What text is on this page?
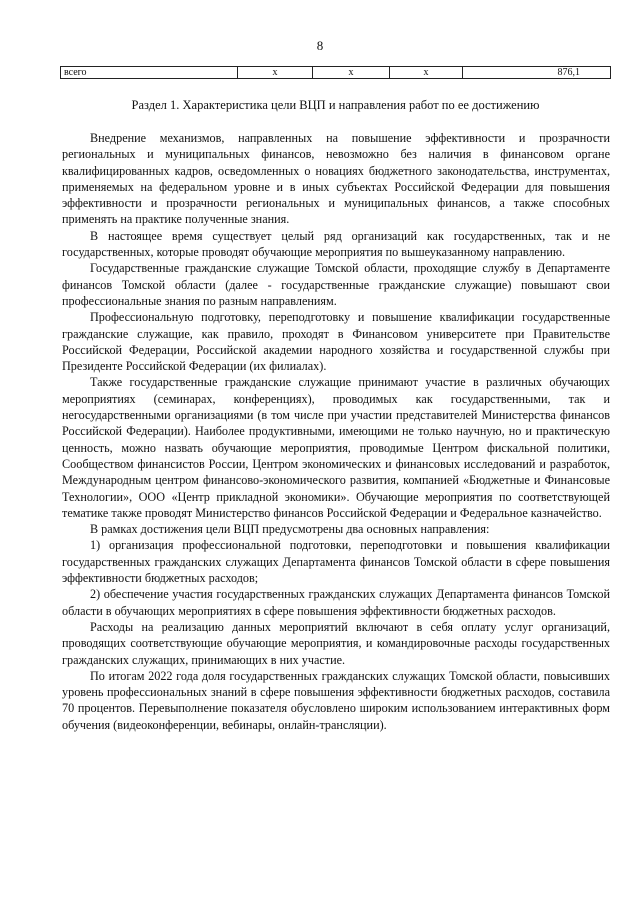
8
всего	х	х	х	876,1
Раздел 1. Характеристика цели ВЦП и направления работ по ее достижению

Внедрение механизмов, направленных на повышение эффективности и прозрачности региональных и муниципальных финансов, невозможно без наличия в финансовом органе квалифицированных кадров, осведомленных о новациях бюджетного законодательства, инструментах, применяемых на федеральном уровне и в иных субъектах Российской Федерации для повышения эффективности и прозрачности региональных и муниципальных финансов, а также способных применять на практике полученные знания.

В настоящее время существует целый ряд организаций как государственных, так и не государственных, которые проводят обучающие мероприятия по вышеуказанному направлению.

Государственные гражданские служащие Томской области, проходящие службу в Департаменте финансов Томской области (далее - государственные гражданские служащие) повышают свои профессиональные знания по разным направлениям.

Профессиональную подготовку, переподготовку и повышение квалификации государственные гражданские служащие, как правило, проходят в Финансовом университете при Правительстве Российской Федерации, Российской академии народного хозяйства и государственной службы при Президенте Российской Федерации (их филиалах).

Также государственные гражданские служащие принимают участие в различных обучающих мероприятиях (семинарах, конференциях), проводимых как государственными, так и негосударственными организациями (в том числе при участии представителей Министерства финансов Российской Федерации). Наиболее продуктивными, имеющими не только научную, но и практическую ценность, можно назвать обучающие мероприятия, проводимые Центром фискальной политики, Сообществом финансистов России, Центром экономических и финансовых исследований и разработок, Международным центром финансово-экономического развития, компанией «Бюджетные и Финансовые Технологии», ООО «Центр прикладной экономики». Обучающие мероприятия по соответствующей тематике также проводят Министерство финансов Российской Федерации и Федеральное казначейство.

В рамках достижения цели ВЦП предусмотрены два основных направления:

1) организация профессиональной подготовки, переподготовки и повышения квалификации государственных гражданских служащих Департамента финансов Томской области в сфере повышения эффективности бюджетных расходов;

2) обеспечение участия государственных гражданских служащих Департамента финансов Томской области в обучающих мероприятиях в сфере повышения эффективности бюджетных расходов.

Расходы на реализацию данных мероприятий включают в себя оплату услуг организаций, проводящих соответствующие обучающие мероприятия, и командировочные расходы государственных гражданских служащих, принимающих в них участие.

По итогам 2022 года доля государственных гражданских служащих Томской области, повысивших уровень профессиональных знаний в сфере повышения эффективности бюджетных расходов, составила 70 процентов. Перевыполнение показателя обусловлено широким использованием интерактивных форм обучения (видеоконференции, вебинары, онлайн-трансляции).
